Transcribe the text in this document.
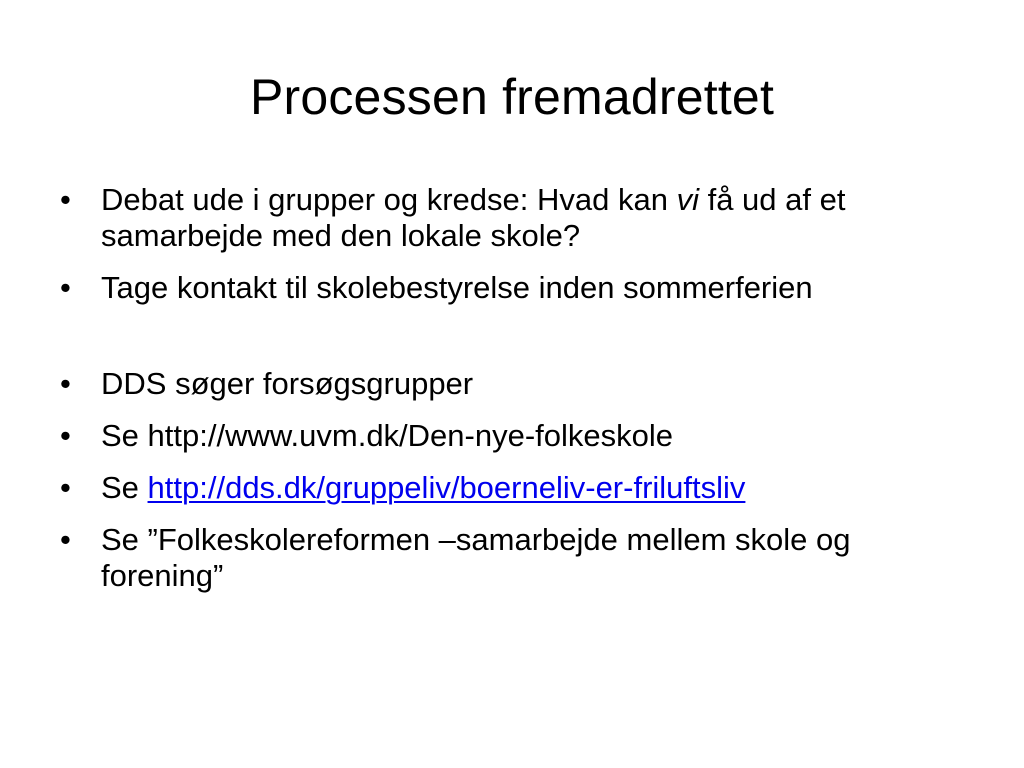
Processen fremadrettet
• Debat ude i grupper og kredse: Hvad kan vi få ud af et samarbejde med den lokale skole?
• Tage kontakt til skolebestyrelse inden sommerferien
• DDS søger forsøgsgrupper
• Se http://www.uvm.dk/Den-nye-folkeskole
• Se http://dds.dk/gruppeliv/boerneliv-er-friluftsliv
• Se ”Folkeskolereformen –samarbejde mellem skole og forening”
